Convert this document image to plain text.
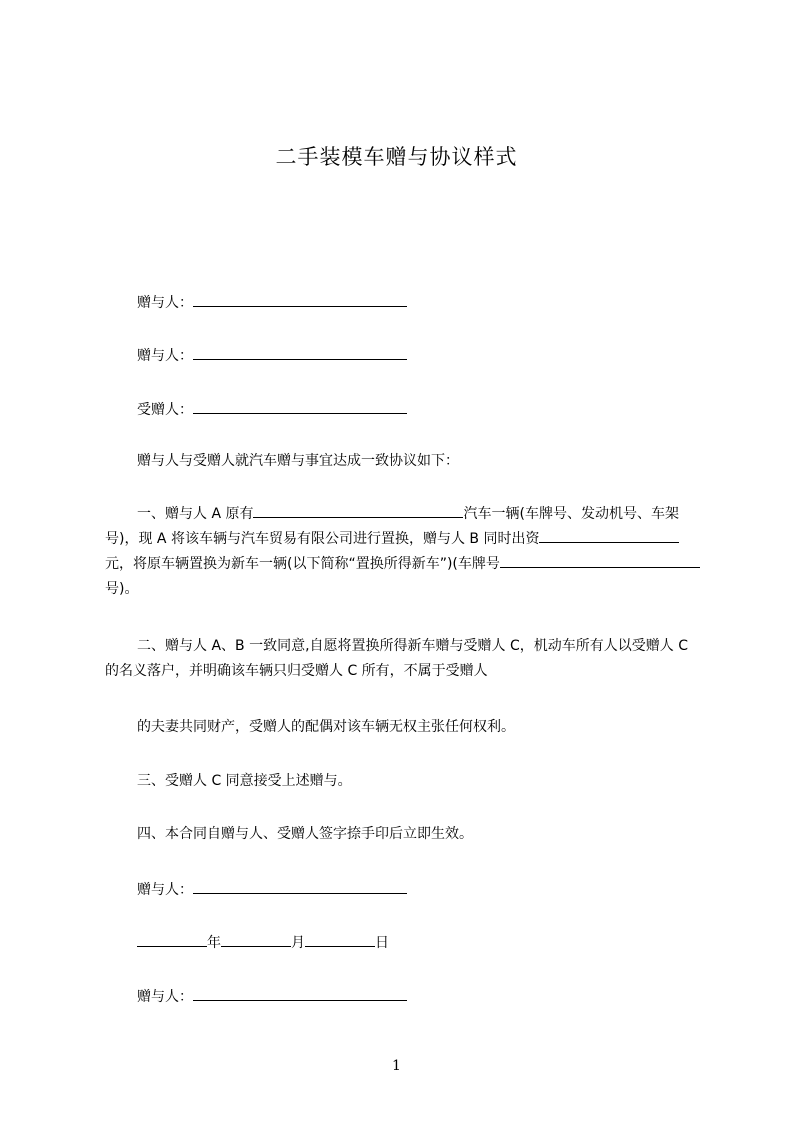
二手装模车赠与协议样式
赠与人：
赠与人：
受赠人：
赠与人与受赠人就汽车赠与事宜达成一致协议如下：
一、赠与人 A 原有	汽车一辆(车牌号、发动机号、车架号)，现 A 将该车辆与汽车贸易有限公司进行置换，赠与人 B 同时出资元，将原车辆置换为新车一辆(以下简称“置换所得新车”)(车牌号号)。
二、赠与人 A、B 一致同意,自愿将置换所得新车赠与受赠人 C，机动车所有人以受赠人 C 的名义落户，并明确该车辆只归受赠人 C 所有，不属于受赠人
的夫妻共同财产，受赠人的配偶对该车辆无权主张任何权利。
三、受赠人 C 同意接受上述赠与。
四、本合同自赠与人、受赠人签字捺手印后立即生效。
赠与人：
年	月	日
赠与人：
1
